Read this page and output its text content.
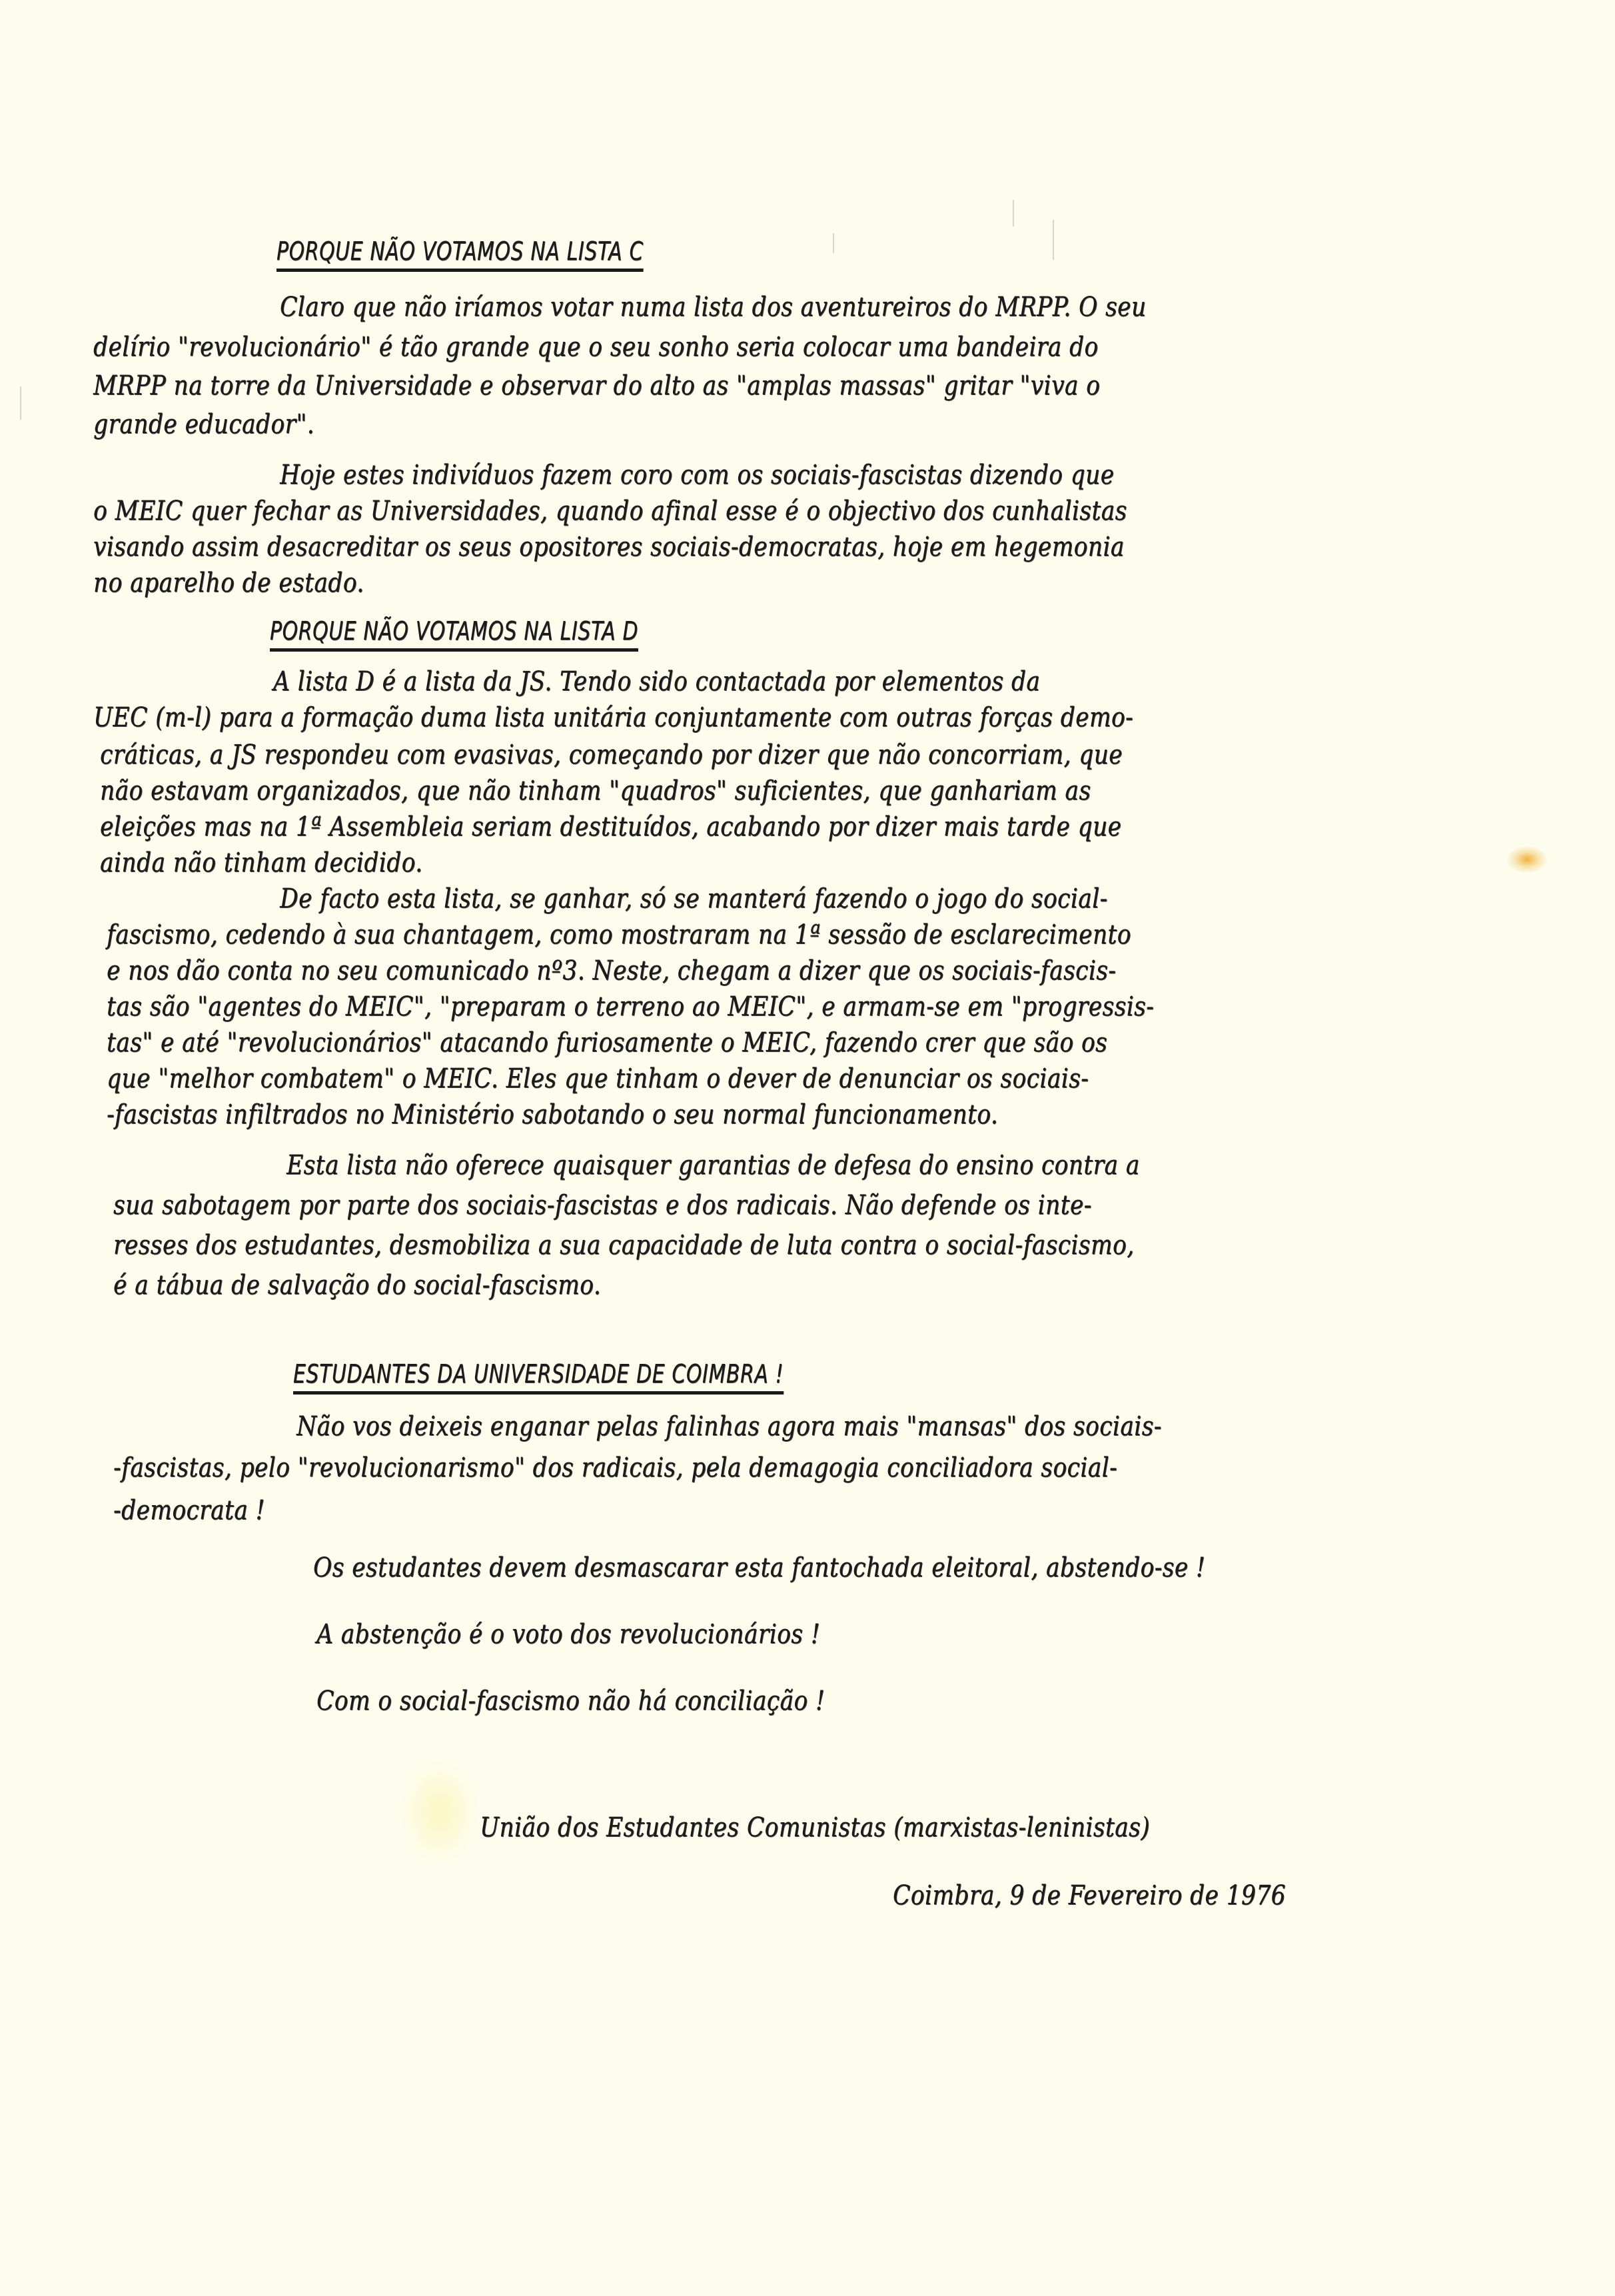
PORQUE NÃO VOTAMOS NA LISTA C
Claro que não iríamos votar numa lista dos aventureiros do MRPP. O seu
delírio "revolucionário" é tão grande que o seu sonho seria colocar uma bandeira do
MRPP na torre da Universidade e observar do alto as "amplas massas" gritar "viva o
grande educador".
Hoje estes indivíduos fazem coro com os sociais-fascistas dizendo que
o MEIC quer fechar as Universidades, quando afinal esse é o objectivo dos cunhalistas
visando assim desacreditar os seus opositores sociais-democratas, hoje em hegemonia
no aparelho de estado.
PORQUE NÃO VOTAMOS NA LISTA D
A lista D é a lista da JS. Tendo sido contactada por elementos da
UEC (m-l) para a formação duma lista unitária conjuntamente com outras forças demo-
cráticas, a JS respondeu com evasivas, começando por dizer que não concorriam, que
não estavam organizados, que não tinham "quadros" suficientes, que ganhariam as
eleições mas na 1ª Assembleia seriam destituídos, acabando por dizer mais tarde que
ainda não tinham decidido.
De facto esta lista, se ganhar, só se manterá fazendo o jogo do social-
fascismo, cedendo à sua chantagem, como mostraram na 1ª sessão de esclarecimento
e nos dão conta no seu comunicado nº3. Neste, chegam a dizer que os sociais-fascis-
tas são "agentes do MEIC", "preparam o terreno ao MEIC", e armam-se em "progressis-
tas" e até "revolucionários" atacando furiosamente o MEIC, fazendo crer que são os
que "melhor combatem" o MEIC. Eles que tinham o dever de denunciar os sociais-
-fascistas infiltrados no Ministério sabotando o seu normal funcionamento.
Esta lista não oferece quaisquer garantias de defesa do ensino contra a
sua sabotagem por parte dos sociais-fascistas e dos radicais. Não defende os inte-
resses dos estudantes, desmobiliza a sua capacidade de luta contra o social-fascismo,
é a tábua de salvação do social-fascismo.
ESTUDANTES DA UNIVERSIDADE DE COIMBRA !
Não vos deixeis enganar pelas falinhas agora mais "mansas" dos sociais-
-fascistas, pelo "revolucionarismo" dos radicais, pela demagogia conciliadora social-
-democrata !
Os estudantes devem desmascarar esta fantochada eleitoral, abstendo-se !
A abstenção é o voto dos revolucionários !
Com o social-fascismo não há conciliação !
União dos Estudantes Comunistas (marxistas-leninistas)
Coimbra, 9 de Fevereiro de 1976
